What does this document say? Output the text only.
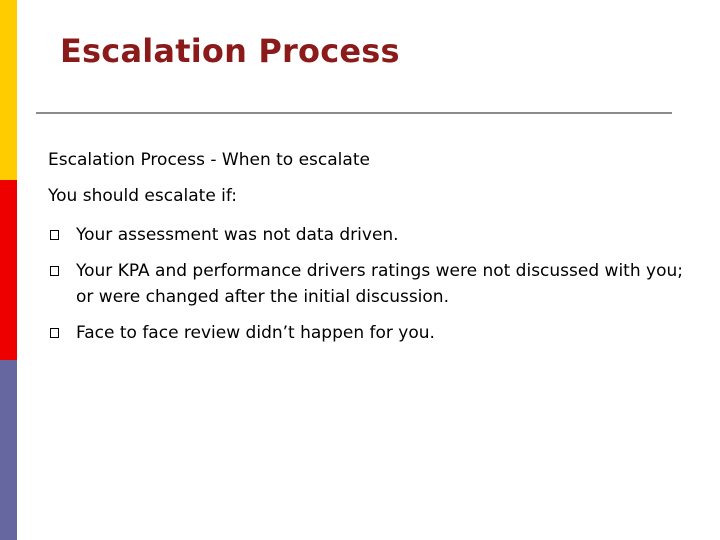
Escalation Process
Escalation Process - When to escalate
You should escalate if:
Your assessment was not data driven.
Your KPA and performance drivers ratings were not discussed with you; or were changed after the initial discussion.
Face to face review didn’t happen for you.
